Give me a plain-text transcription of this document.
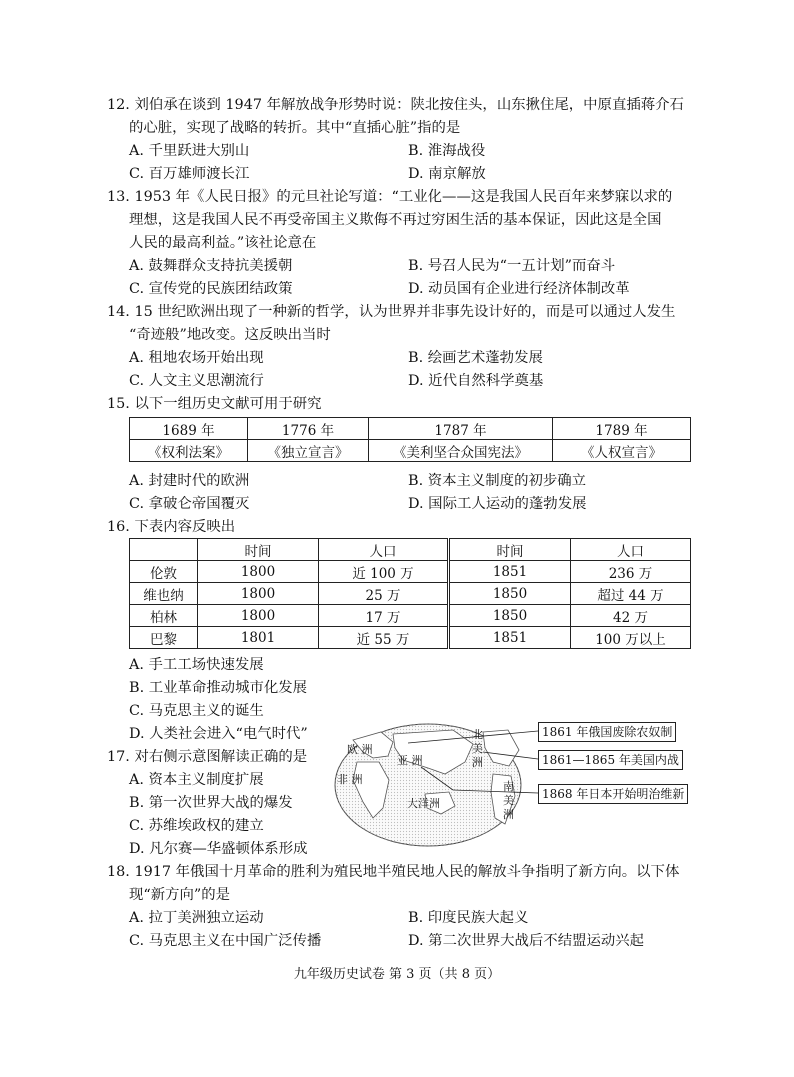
12. 刘伯承在谈到 1947 年解放战争形势时说：陕北按住头，山东揪住尾，中原直插蒋介石
的心脏，实现了战略的转折。其中“直插心脏”指的是
A. 千里跃进大别山	B. 淮海战役
C. 百万雄师渡长江	D. 南京解放
13. 1953 年《人民日报》的元旦社论写道：“工业化——这是我国人民百年来梦寐以求的
理想，这是我国人民不再受帝国主义欺侮不再过穷困生活的基本保证，因此这是全国
人民的最高利益。”该社论意在
A. 鼓舞群众支持抗美援朝	B. 号召人民为“一五计划”而奋斗
C. 宣传党的民族团结政策	D. 动员国有企业进行经济体制改革
14. 15 世纪欧洲出现了一种新的哲学，认为世界并非事先设计好的，而是可以通过人发生
“奇迹般”地改变。这反映出当时
A. 租地农场开始出现	B. 绘画艺术蓬勃发展
C. 人文主义思潮流行	D. 近代自然科学奠基
15. 以下一组历史文献可用于研究
1689 年	1776 年	1787 年	1789 年
《权利法案》	《独立宣言》	《美利坚合众国宪法》	《人权宣言》
A. 封建时代的欧洲	B. 资本主义制度的初步确立
C. 拿破仑帝国覆灭	D. 国际工人运动的蓬勃发展
16. 下表内容反映出
	时间	人口	时间	人口
伦敦	1800	近 100 万	1851	236 万
维也纳	1800	25 万	1850	超过 44 万
柏林	1800	17 万	1850	42 万
巴黎	1801	近 55 万	1851	100 万以上
A. 手工工场快速发展
B. 工业革命推动城市化发展
C. 马克思主义的诞生
D. 人类社会进入“电气时代”
17. 对右侧示意图解读正确的是
A. 资本主义制度扩展
B. 第一次世界大战的爆发
C. 苏维埃政权的建立
D. 凡尔赛—华盛顿体系形成
欧 洲
亚 洲
非 洲
大洋洲
北 美 洲
南 美 洲
1861 年俄国废除农奴制
1861—1865 年美国内战
1868 年日本开始明治维新
18. 1917 年俄国十月革命的胜利为殖民地半殖民地人民的解放斗争指明了新方向。以下体
现“新方向”的是
A. 拉丁美洲独立运动	B. 印度民族大起义
C. 马克思主义在中国广泛传播	D. 第二次世界大战后不结盟运动兴起
九年级历史试卷 第 3 页（共 8 页）
